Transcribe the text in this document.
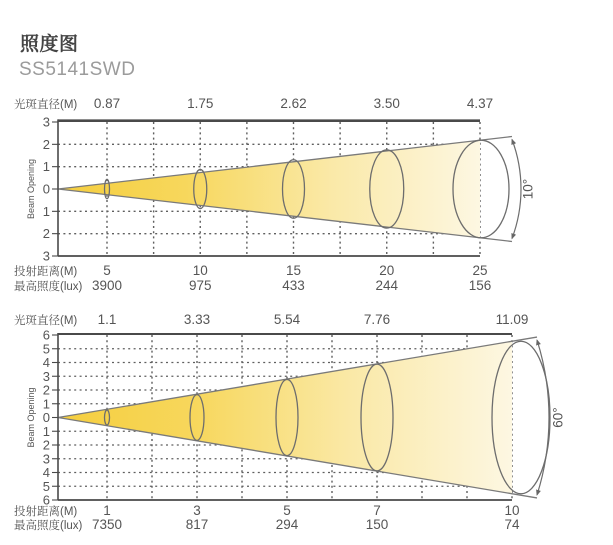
照度图
SS5141SWD
10°
3
2
1
0
1
2
3
Beam Opening
光斑直径(M) 0.87	1.75	2.62	3.50	4.37
投射距离(M) 5	10	15	20	25
最高照度(lux) 3900	975	433	244	156
60°
6
5
4
3
2
1
0
1
2
3
4
5
6
Beam Opening
光斑直径(M) 1.1	3.33	5.54	7.76	11.09
投射距离(M) 1	3	5	7	10
最高照度(lux) 7350	817	294	150	74
